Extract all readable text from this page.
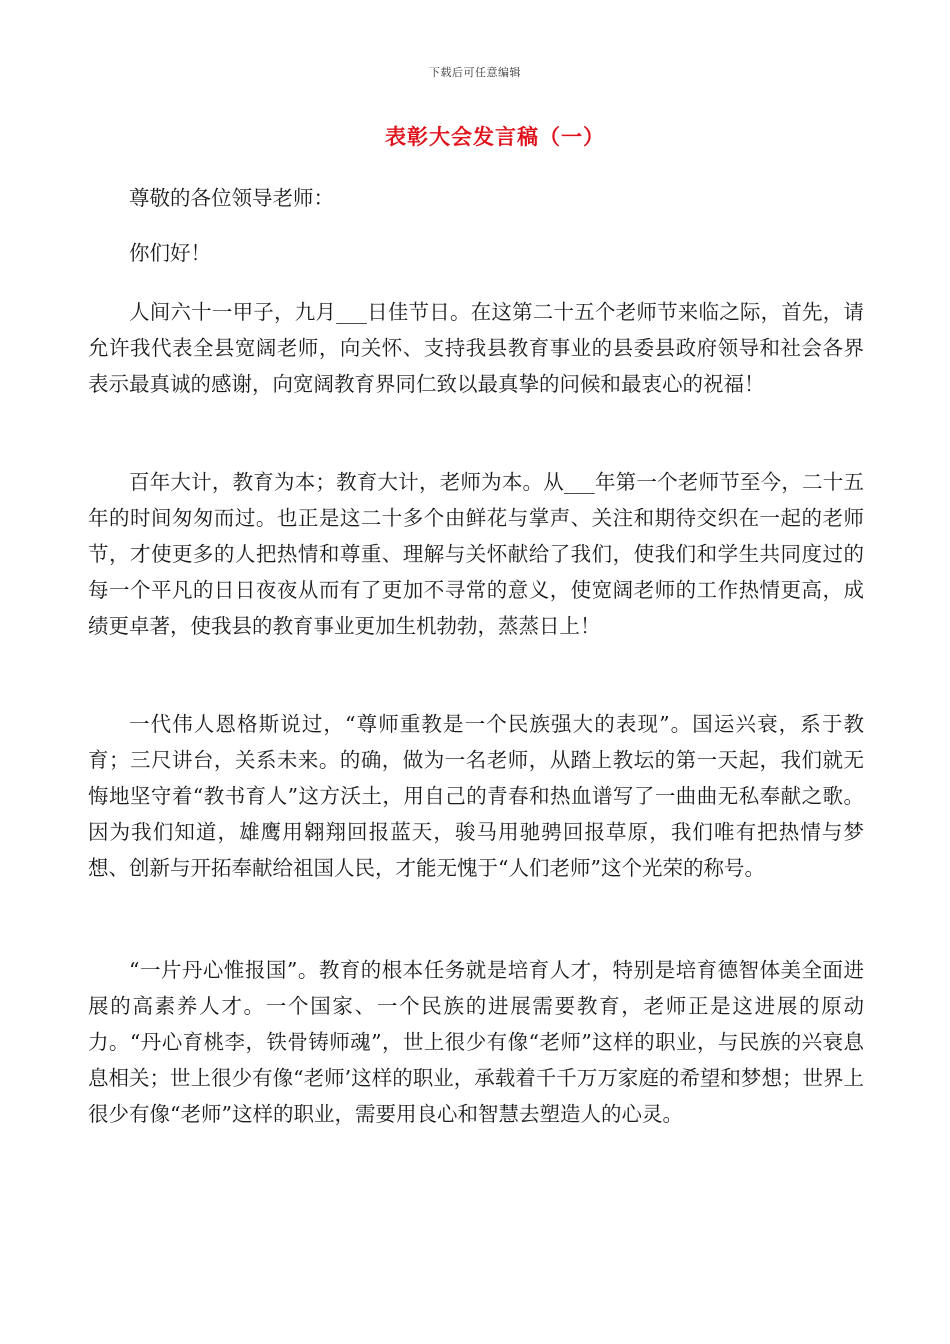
下载后可任意编辑
表彰大会发言稿（一）

尊敬的各位领导老师：

你们好！

人间六十一甲子，九月___日佳节日。在这第二十五个老师节来临之际，首先，请允许我代表全县宽阔老师，向关怀、支持我县教育事业的县委县政府领导和社会各界表示最真诚的感谢，向宽阔教育界同仁致以最真挚的问候和最衷心的祝福！

百年大计，教育为本；教育大计，老师为本。从___年第一个老师节至今，二十五年的时间匆匆而过。也正是这二十多个由鲜花与掌声、关注和期待交织在一起的老师节，才使更多的人把热情和尊重、理解与关怀献给了我们，使我们和学生共同度过的每一个平凡的日日夜夜从而有了更加不寻常的意义，使宽阔老师的工作热情更高，成绩更卓著，使我县的教育事业更加生机勃勃，蒸蒸日上！

一代伟人恩格斯说过，“尊师重教是一个民族强大的表现”。国运兴衰，系于教育；三尺讲台，关系未来。的确，做为一名老师，从踏上教坛的第一天起，我们就无悔地坚守着“教书育人”这方沃土，用自己的青春和热血谱写了一曲曲无私奉献之歌。因为我们知道，雄鹰用翱翔回报蓝天，骏马用驰骋回报草原，我们唯有把热情与梦想、创新与开拓奉献给祖国人民，才能无愧于“人们老师”这个光荣的称号。

“一片丹心惟报国”。教育的根本任务就是培育人才，特别是培育德智体美全面进展的高素养人才。一个国家、一个民族的进展需要教育，老师正是这进展的原动力。“丹心育桃李，铁骨铸师魂”，世上很少有像“老师”这样的职业，与民族的兴衰息息相关；世上很少有像“老师’这样的职业，承载着千千万万家庭的希望和梦想；世界上很少有像“老师”这样的职业，需要用良心和智慧去塑造人的心灵。
